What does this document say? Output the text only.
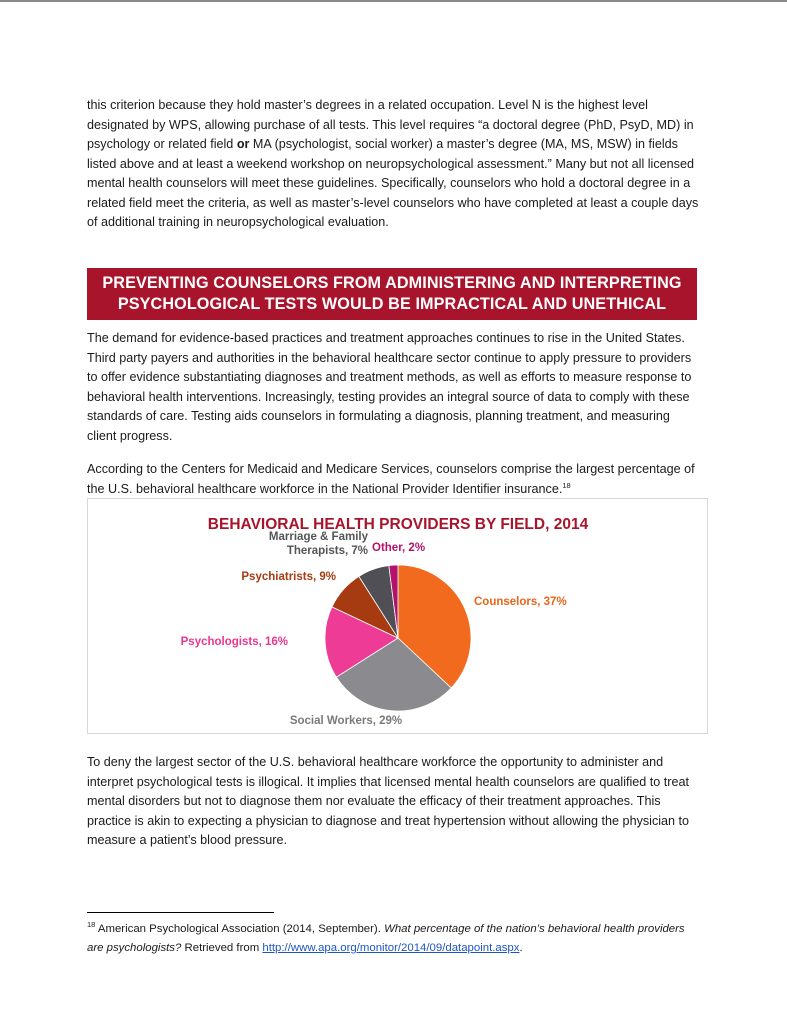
this criterion because they hold master’s degrees in a related occupation. Level N is the highest level designated by WPS, allowing purchase of all tests. This level requires “a doctoral degree (PhD, PsyD, MD) in psychology or related field or MA (psychologist, social worker) a master’s degree (MA, MS, MSW) in fields listed above and at least a weekend workshop on neuropsychological assessment.” Many but not all licensed mental health counselors will meet these guidelines. Specifically, counselors who hold a doctoral degree in a related field meet the criteria, as well as master’s-level counselors who have completed at least a couple days of additional training in neuropsychological evaluation.

PREVENTING COUNSELORS FROM ADMINISTERING AND INTERPRETING
PSYCHOLOGICAL TESTS WOULD BE IMPRACTICAL AND UNETHICAL

The demand for evidence-based practices and treatment approaches continues to rise in the United States. Third party payers and authorities in the behavioral healthcare sector continue to apply pressure to providers to offer evidence substantiating diagnoses and treatment methods, as well as efforts to measure response to behavioral health interventions. Increasingly, testing provides an integral source of data to comply with these standards of care. Testing aids counselors in formulating a diagnosis, planning treatment, and measuring client progress.

According to the Centers for Medicaid and Medicare Services, counselors comprise the largest percentage of the U.S. behavioral healthcare workforce in the National Provider Identifier insurance.$^{18}$

BEHAVIORAL HEALTH PROVIDERS BY FIELD, 2014
Counselors, 37%
Social Workers, 29%
Psychologists, 16%
Psychiatrists, 9%
Marriage & Family Therapists, 7% Other, 2%

To deny the largest sector of the U.S. behavioral healthcare workforce the opportunity to administer and interpret psychological tests is illogical. It implies that licensed mental health counselors are qualified to treat mental disorders but not to diagnose them nor evaluate the efficacy of their treatment approaches. This practice is akin to expecting a physician to diagnose and treat hypertension without allowing the physician to measure a patient’s blood pressure.

$^{18}$ American Psychological Association (2014, September). What percentage of the nation’s behavioral health providers are psychologists? Retrieved from http://www.apa.org/monitor/2014/09/datapoint.aspx.
